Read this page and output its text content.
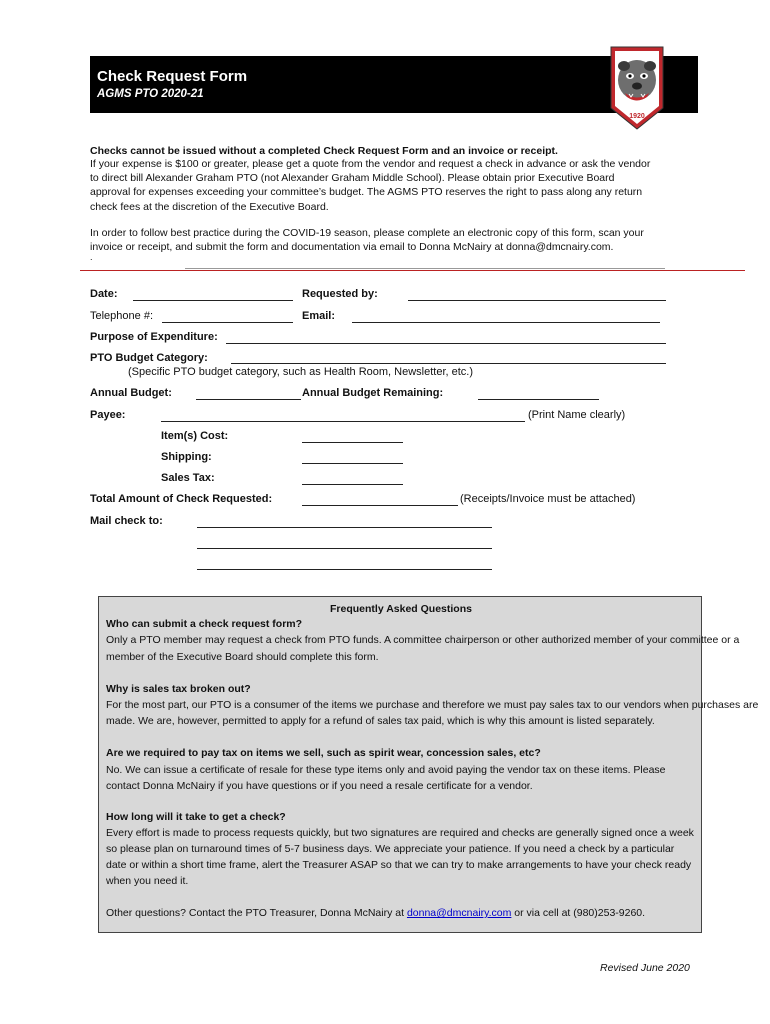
Check Request Form
AGMS PTO 2020-21
1920
Checks cannot be issued without a completed Check Request Form and an invoice or receipt.
If your expense is $100 or greater, please get a quote from the vendor and request a check in advance or ask the vendor
to direct bill Alexander Graham PTO (not Alexander Graham Middle School). Please obtain prior Executive Board
approval for expenses exceeding your committee’s budget. The AGMS PTO reserves the right to pass along any return
check fees at the discretion of the Executive Board.
In order to follow best practice during the COVID-19 season, please complete an electronic copy of this form, scan your
invoice or receipt, and submit the form and documentation via email to Donna McNairy at donna@dmcnairy.com.
.
Date:	Requested by:
Telephone #:	Email:
Purpose of Expenditure:
PTO Budget Category:
(Specific PTO budget category, such as Health Room, Newsletter, etc.)
Annual Budget:	Annual Budget Remaining:
Payee:	(Print Name clearly)
Item(s) Cost:
Shipping:
Sales Tax:
Total Amount of Check Requested:	(Receipts/Invoice must be attached)
Mail check to:
Frequently Asked Questions
Who can submit a check request form?
Only a PTO member may request a check from PTO funds. A committee chairperson or other authorized member of your committee or a
member of the Executive Board should complete this form.
Why is sales tax broken out?
For the most part, our PTO is a consumer of the items we purchase and therefore we must pay sales tax to our vendors when purchases are
made. We are, however, permitted to apply for a refund of sales tax paid, which is why this amount is listed separately.
Are we required to pay tax on items we sell, such as spirit wear, concession sales, etc?
No. We can issue a certificate of resale for these type items only and avoid paying the vendor tax on these items. Please
contact Donna McNairy if you have questions or if you need a resale certificate for a vendor.
How long will it take to get a check?
Every effort is made to process requests quickly, but two signatures are required and checks are generally signed once a week
so please plan on turnaround times of 5-7 business days. We appreciate your patience. If you need a check by a particular
date or within a short time frame, alert the Treasurer ASAP so that we can try to make arrangements to have your check ready
when you need it.
Other questions? Contact the PTO Treasurer, Donna McNairy at donna@dmcnairy.com or via cell at (980)253-9260.
Revised June 2020
